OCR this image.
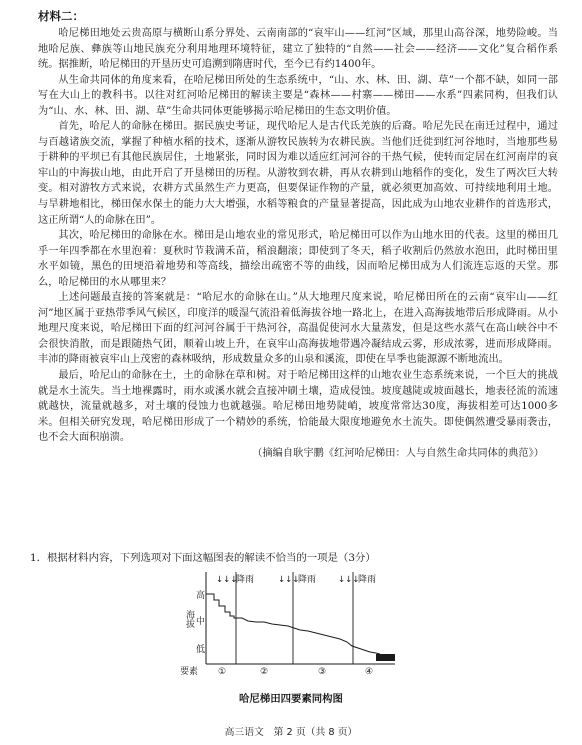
材料二：

哈尼梯田地处云贵高原与横断山系分界处、云南南部的“哀牢山——红河”区域，那里山高谷深，地势险峻。当地哈尼族、彝族等山地民族充分利用地理环境特征，建立了独特的“自然——社会——经济——文化”复合稻作系统。据推断，哈尼梯田的开垦历史可追溯到隋唐时代，至今已有约1400年。

从生命共同体的角度来看，在哈尼梯田所处的生态系统中，“山、水、林、田、湖、草”一个都不缺，如同一部写在大山上的教科书。以往对红河哈尼梯田的解读主要是“森林——村寨——梯田——水系”四素同构，但我们认为“山、水、林、田、湖、草”生命共同体更能够揭示哈尼梯田的生态文明价值。

首先，哈尼人的命脉在梯田。据民族史考证，现代哈尼人是古代氐羌族的后裔。哈尼先民在南迁过程中，通过与百越诸族交流，掌握了种植水稻的技术，逐渐从游牧民族转为农耕民族。当他们迁徙到红河谷地时，当地那些易于耕种的平坝已有其他民族居住，土地紧张，同时因为难以适应红河河谷的干热气候，使转而定居在红河南岸的哀牢山的中海拔山地，由此开启了开垦梯田的历程。从游牧到农耕，再从农耕到山地稻作的变化，发生了两次巨大转变。相对游牧方式来说，农耕方式虽然生产力更高，但要保证作物的产量，就必须更加高效、可持续地利用土地。与旱耕地相比，梯田保水保土的能力大大增强，水稻等粮食的产量显著提高，因此成为山地农业耕作的首选形式，这正所谓“人的命脉在田”。

其次，哈尼梯田的命脉在水。梯田是山地农业的常见形式，哈尼梯田可以作为山地水田的代表。这里的梯田几乎一年四季都在水里泡着：夏秋时节栽满禾苗，稻浪翻滚；即使到了冬天，稻子收割后仍然放水泡田，此时梯田里水平如镜，黑色的田埂沿着地势和等高线，描绘出疏密不等的曲线，因而哈尼梯田成为人们流连忘返的天堂。那么，哈尼梯田的水从哪里来？

上述问题最直接的答案就是：“哈尼水的命脉在山。”从大地理尺度来说，哈尼梯田所在的云南“哀牢山——红河”地区属于亚热带季风气候区，印度洋的暖湿气流沿着低海拔谷地一路北上，在进入高海拔地带后形成降雨。从小地理尺度来说，哈尼梯田下面的红河河谷属于干热河谷，高温促使河水大量蒸发，但是这些水蒸气在高山峡谷中不会很快消散，而是跟随热气团，顺着山坡上升，在哀牢山高海拔地带遇冷凝结成云雾，形成浓雾，进而形成降雨。丰沛的降雨被哀牢山上茂密的森林吸纳，形成数量众多的山泉和溪流，即使在旱季也能源源不断地流出。

最后，哈尼山的命脉在土，土的命脉在草和树。对于哈尼梯田这样的山地农业生态系统来说，一个巨大的挑战就是水土流失。当土地裸露时，雨水或溪水就会直接冲刷土壤，造成侵蚀。坡度越陡或坡面越长，地表径流的流速就越快，流量就越多，对土壤的侵蚀力也就越强。哈尼梯田地势陡峭，坡度常常达30度，海拔相差可达1000多米。但相关研究发现，哈尼梯田形成了一个精妙的系统，恰能最大限度地避免水土流失。即使偶然遭受暴雨袭击，也不会大面积崩溃。

（摘编自耿宇鹏《红河哈尼梯田：人与自然生命共同体的典范》）

1．根据材料内容，下列选项对下面这幅图表的解读不恰当的一项是（3分）
↓↓↓
降雨	↓↓↓
降雨	↓↓↓
降雨
海拔
高
中
低
要素 ①	②	③	④
哈尼梯田四要素同构图
高三语文　第 2 页（共 8 页）
